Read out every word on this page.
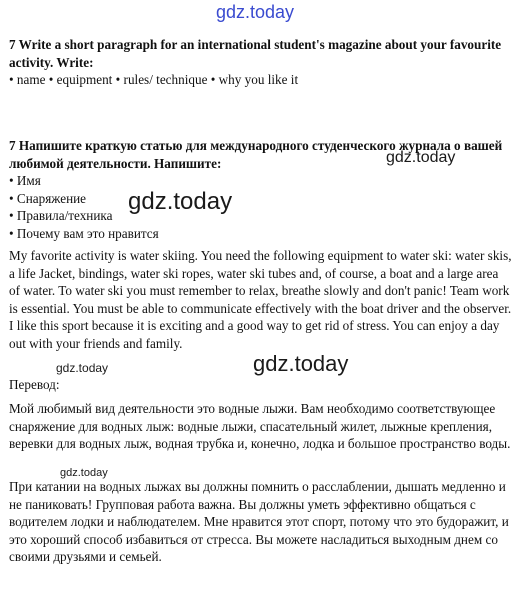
7 Write a short paragraph for an international student's magazine about your favourite activity. Write:

• name • equipment • rules/ technique • why you like it

7 Напишите краткую статью для международного студенческого журнала о вашей любимой деятельности. Напишите:

• Имя

• Снаряжение

• Правила/техника

• Почему вам это нравится

My favorite activity is water skiing. You need the following equipment to water ski: water skis, a life Jacket, bindings, water ski ropes, water ski tubes and, of course, a boat and a large area of water. To water ski you must remember to relax, breathe slowly and don't panic! Team work is essential. You must be able to communicate effectively with the boat driver and the observer. I like this sport because it is exciting and a good way to get rid of stress. You can enjoy a day out with your friends and family.

Перевод:

Мой любимый вид деятельности это водные лыжи. Вам необходимо соответствующее снаряжение для водных лыж: водные лыжи, спасательный жилет, лыжные крепления, веревки для водных лыж, водная трубка и, конечно, лодка и большое пространство воды.

При катании на водных лыжах вы должны помнить о расслаблении, дышать медленно и не паниковать! Групповая работа важна. Вы должны уметь эффективно общаться с водителем лодки и наблюдателем. Мне нравится этот спорт, потому что это будоражит, и это хороший способ избавиться от стресса. Вы можете насладиться выходным днем со своими друзьями и семьей.

gdz.today
gdz.today
gdz.today
gdz.today
gdz.today
gdz.today
